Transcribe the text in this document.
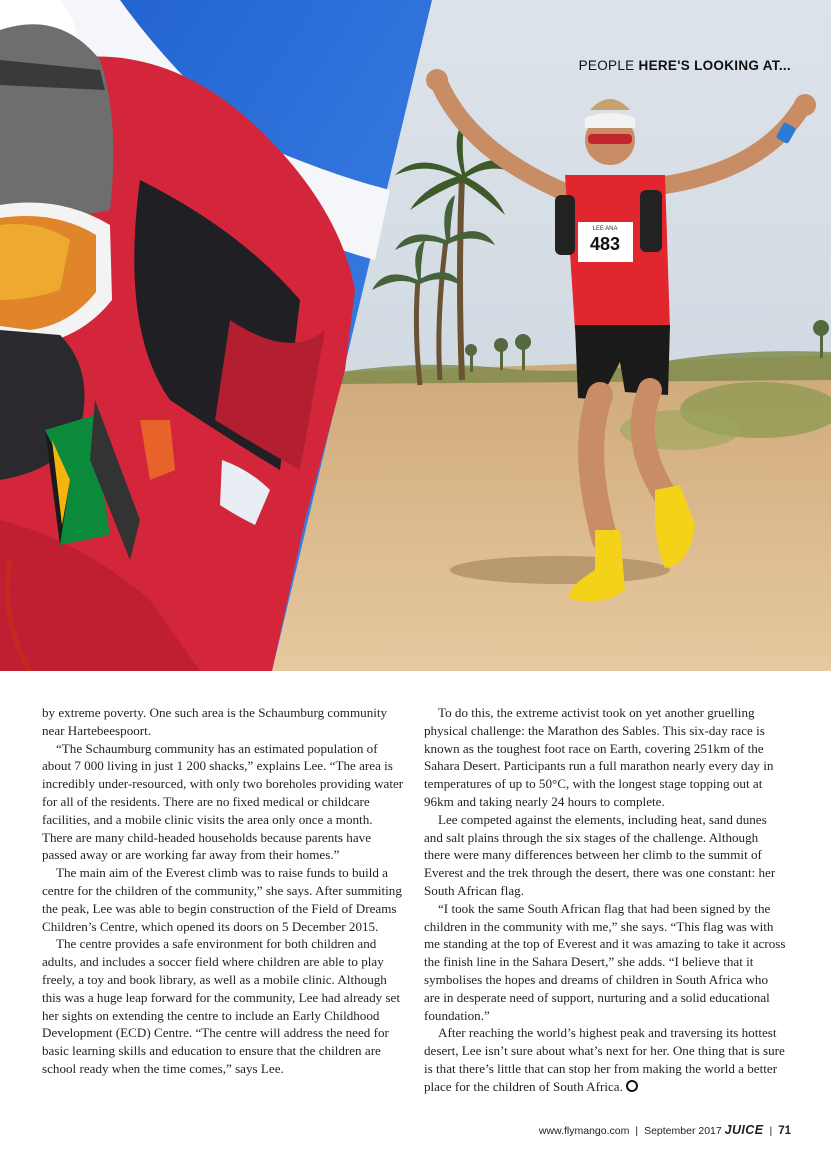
483
LEE ANA
PEOPLE HERE'S LOOKING AT...

by extreme poverty. One such area is the Schaumburg community near Hartebeespoort.

“The Schaumburg community has an estimated population of about 7 000 living in just 1 200 shacks,” explains Lee. “The area is incredibly under-resourced, with only two boreholes providing water for all of the residents. There are no fixed medical or childcare facilities, and a mobile clinic visits the area only once a month. There are many child-headed households because parents have passed away or are working far away from their homes.”

The main aim of the Everest climb was to raise funds to build a centre for the children of the community,” she says. After summiting the peak, Lee was able to begin construction of the Field of Dreams Children’s Centre, which opened its doors on 5 December 2015.

The centre provides a safe environment for both children and adults, and includes a soccer field where children are able to play freely, a toy and book library, as well as a mobile clinic. Although this was a huge leap forward for the community, Lee had already set her sights on extending the centre to include an Early Childhood Development (ECD) Centre. “The centre will address the need for basic learning skills and education to ensure that the children are school ready when the time comes,” says Lee.

To do this, the extreme activist took on yet another gruelling physical challenge: the Marathon des Sables. This six-day race is known as the toughest foot race on Earth, covering 251km of the Sahara Desert. Participants run a full marathon nearly every day in temperatures of up to 50°C, with the longest stage topping out at 96km and taking nearly 24 hours to complete.

Lee competed against the elements, including heat, sand dunes and salt plains through the six stages of the challenge. Although there were many differences between her climb to the summit of Everest and the trek through the desert, there was one constant: her South African flag.

“I took the same South African flag that had been signed by the children in the community with me,” she says. “This flag was with me standing at the top of Everest and it was amazing to take it across the finish line in the Sahara Desert,” she adds. “I believe that it symbolises the hopes and dreams of children in South Africa who are in desperate need of support, nurturing and a solid educational foundation.”

After reaching the world’s highest peak and traversing its hottest desert, Lee isn’t sure about what’s next for her. One thing that is sure is that there’s little that can stop her from making the world a better place for the children of South Africa.

www.flymango.com | September 2017 JUICE | 71
